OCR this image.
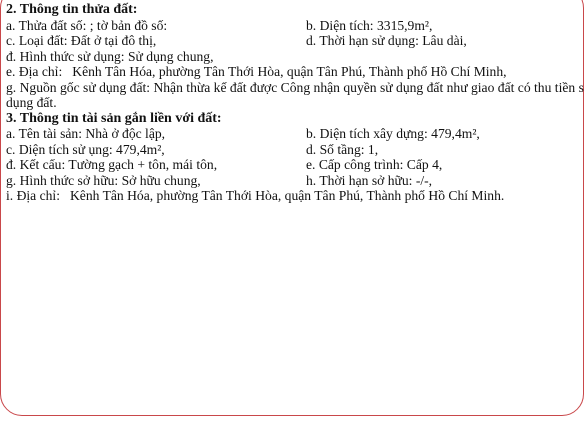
2. Thông tin thửa đất:
a. Thửa đất số: ; tờ bản đồ số:	b. Diện tích: 3315,9m²,
c. Loại đất: Đất ở tại đô thị,	d. Thời hạn sử dụng: Lâu dài,
đ. Hình thức sử dụng: Sử dụng chung,
e. Địa chỉ: Kênh Tân Hóa, phường Tân Thới Hòa, quận Tân Phú, Thành phố Hồ Chí Minh,
g. Nguồn gốc sử dụng đất: Nhận thừa kế đất được Công nhận quyền sử dụng đất như giao đất có thu tiền s
dụng đất.
3. Thông tin tài sản gắn liền với đất:
a. Tên tài sản: Nhà ở độc lập,	b. Diện tích xây dựng: 479,4m²,
c. Diện tích sử ụng: 479,4m²,	d. Số tầng: 1,
đ. Kết cấu: Tường gạch + tôn, mái tôn,	e. Cấp công trình: Cấp 4,
g. Hình thức sở hữu: Sở hữu chung,	h. Thời hạn sở hữu: -/-,
i. Địa chỉ: Kênh Tân Hóa, phường Tân Thới Hòa, quận Tân Phú, Thành phố Hồ Chí Minh.
